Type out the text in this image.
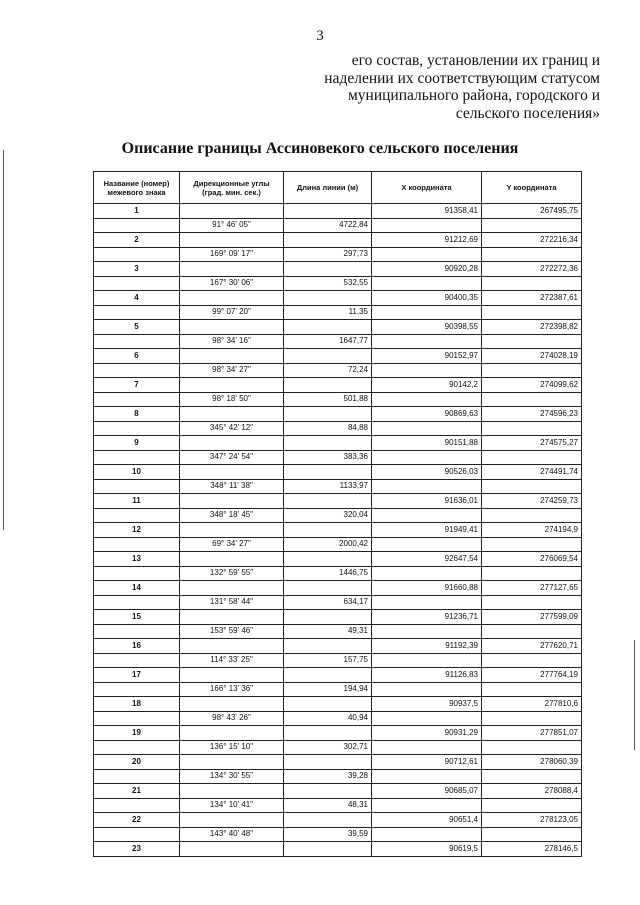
3
его состав, установлении их границ и
наделении их соответствующим статусом
муниципального района, городского и
сельского поселения»
Описание границы Ассиновекого сельского поселения
Название (номер) межевого знака	Дирекционные углы (град. мин. сек.)	Длина линии (м)	X координата	Y координата
1			91358,41	267495,75
	91° 46' 05"	4722,84		
2			91212,69	272216,34
	169° 09' 17"	297,73		
3			90920,28	272272,36
	167° 30' 06"	532,55		
4			90400,35	272387,61
	99° 07' 20"	11,35		
5			90398,55	272398,82
	98° 34' 16"	1647,77		
6			90152,97	274028,19
	98° 34' 27"	72,24		
7			90142,2	274099,62
	98° 18' 50"	501,88		
8			90869,63	274596,23
	345° 42' 12"	84,88		
9			90151,88	274575,27
	347° 24' 54"	383,36		
10			90526,03	274491,74
	348° 11' 38"	1133,97		
11			91636,01	274259,73
	348° 18' 45"	320,04		
12			91949,41	274194,9
	69° 34' 27"	2000,42		
13			92647,54	276069,54
	132° 59' 55"	1446,75		
14			91660,88	277127,65
	131° 58' 44"	634,17		
15			91236,71	277599,09
	153° 59' 46"	49,31		
16			91192,39	277620,71
	114° 33' 25"	157,75		
17			91126,83	277764,19
	166° 13' 36"	194,94		
18			90937,5	277810,6
	98° 43' 26"	40,94		
19			90931,29	277851,07
	136° 15' 10"	302,71		
20			90712,61	278060,39
	134° 30' 55"	39,28		
21			90685,07	278088,4
	134° 10' 41"	48,31		
22			90651,4	278123,05
	143° 40' 48"	39,59		
23			90619,5	278146,5
